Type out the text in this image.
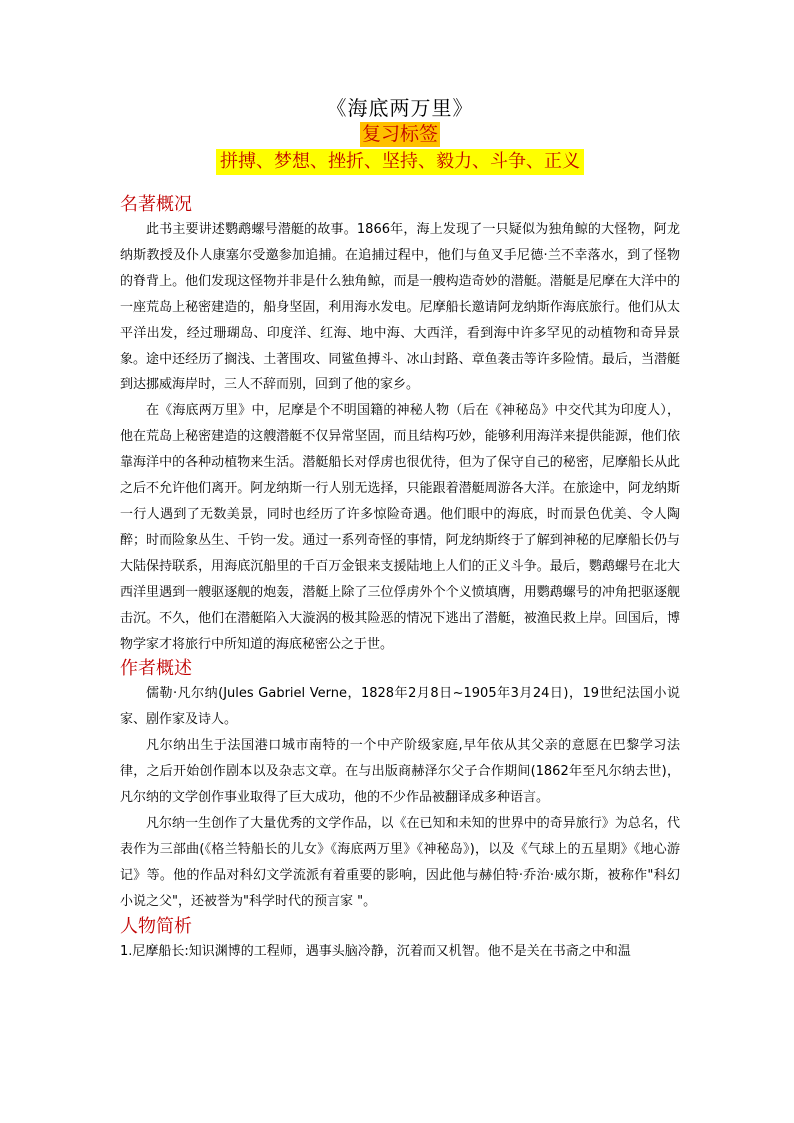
《海底两万里》

复习标签

拼搏、梦想、挫折、坚持、毅力、斗争、正义

名著概况

此书主要讲述鹦鹉螺号潜艇的故事。1866年，海上发现了一只疑似为独角鲸的大怪物，阿龙纳斯教授及仆人康塞尔受邀参加追捕。在追捕过程中，他们与鱼叉手尼德·兰不幸落水，到了怪物的脊背上。他们发现这怪物并非是什么独角鲸，而是一艘构造奇妙的潜艇。潜艇是尼摩在大洋中的一座荒岛上秘密建造的，船身坚固，利用海水发电。尼摩船长邀请阿龙纳斯作海底旅行。他们从太平洋出发，经过珊瑚岛、印度洋、红海、地中海、大西洋，看到海中许多罕见的动植物和奇异景象。途中还经历了搁浅、土著围攻、同鲨鱼搏斗、冰山封路、章鱼袭击等许多险情。最后，当潜艇到达挪威海岸时，三人不辞而别，回到了他的家乡。

在《海底两万里》中，尼摩是个不明国籍的神秘人物（后在《神秘岛》中交代其为印度人），他在荒岛上秘密建造的这艘潜艇不仅异常坚固，而且结构巧妙，能够利用海洋来提供能源，他们依靠海洋中的各种动植物来生活。潜艇船长对俘虏也很优待，但为了保守自己的秘密，尼摩船长从此之后不允许他们离开。阿龙纳斯一行人别无选择，只能跟着潜艇周游各大洋。在旅途中，阿龙纳斯一行人遇到了无数美景，同时也经历了许多惊险奇遇。他们眼中的海底，时而景色优美、令人陶醉；时而险象丛生、千钧一发。通过一系列奇怪的事情，阿龙纳斯终于了解到神秘的尼摩船长仍与大陆保持联系，用海底沉船里的千百万金银来支援陆地上人们的正义斗争。最后，鹦鹉螺号在北大西洋里遇到一艘驱逐舰的炮轰，潜艇上除了三位俘虏外个个义愤填膺，用鹦鹉螺号的冲角把驱逐舰击沉。不久，他们在潜艇陷入大漩涡的极其险恶的情况下逃出了潜艇，被渔民救上岸。回国后，博物学家才将旅行中所知道的海底秘密公之于世。

作者概述

儒勒·凡尔纳(Jules Gabriel Verne，1828年2月8日~1905年3月24日)，19世纪法国小说家、剧作家及诗人。

凡尔纳出生于法国港口城市南特的一个中产阶级家庭,早年依从其父亲的意愿在巴黎学习法律，之后开始创作剧本以及杂志文章。在与出版商赫泽尔父子合作期间(1862年至凡尔纳去世)，凡尔纳的文学创作事业取得了巨大成功，他的不少作品被翻译成多种语言。

凡尔纳一生创作了大量优秀的文学作品，以《在已知和未知的世界中的奇异旅行》为总名，代表作为三部曲(《格兰特船长的儿女》《海底两万里》《神秘岛》)，以及《气球上的五星期》《地心游记》等。他的作品对科幻文学流派有着重要的影响，因此他与赫伯特·乔治·威尔斯，被称作"科幻小说之父"，还被誉为"科学时代的预言家 "。

人物简析

1.尼摩船长:知识渊博的工程师，遇事头脑冷静，沉着而又机智。他不是关在书斋之中和温
